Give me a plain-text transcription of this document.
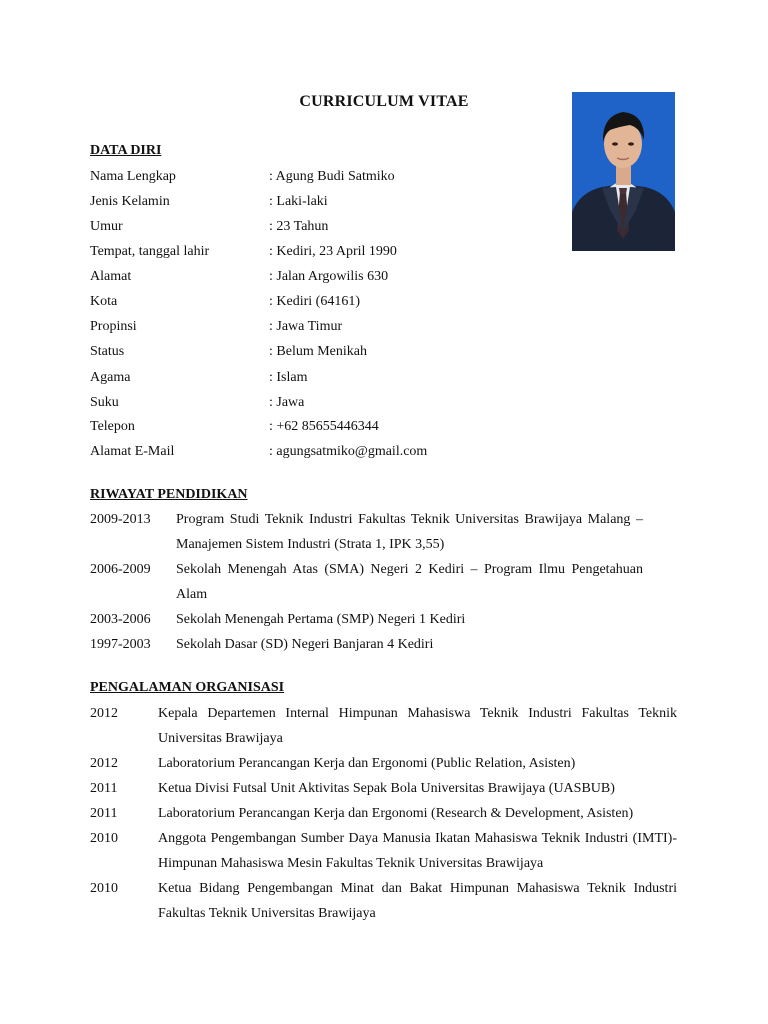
CURRICULUM VITAE
DATA DIRI
Nama Lengkap	: Agung Budi Satmiko
Jenis Kelamin	: Laki-laki
Umur	: 23 Tahun
Tempat, tanggal lahir	: Kediri, 23 April 1990
Alamat	: Jalan Argowilis 630
Kota	: Kediri (64161)
Propinsi	: Jawa Timur
Status	: Belum Menikah
Agama	: Islam
Suku	: Jawa
Telepon	: +62 85655446344
Alamat E-Mail	: agungsatmiko@gmail.com
RIWAYAT PENDIDIKAN
2009-2013 Program Studi Teknik Industri Fakultas Teknik Universitas Brawijaya Malang – Manajemen Sistem Industri (Strata 1, IPK 3,55)
2006-2009 Sekolah Menengah Atas (SMA) Negeri 2 Kediri – Program Ilmu Pengetahuan Alam
2003-2006 Sekolah Menengah Pertama (SMP) Negeri 1 Kediri
1997-2003 Sekolah Dasar (SD) Negeri Banjaran 4 Kediri
PENGALAMAN ORGANISASI
2012	Kepala Departemen Internal Himpunan Mahasiswa Teknik Industri Fakultas Teknik Universitas Brawijaya
2012	Laboratorium Perancangan Kerja dan Ergonomi (Public Relation, Asisten)
2011	Ketua Divisi Futsal Unit Aktivitas Sepak Bola Universitas Brawijaya (UASBUB)
2011	Laboratorium Perancangan Kerja dan Ergonomi (Research & Development, Asisten)
2010	Anggota Pengembangan Sumber Daya Manusia Ikatan Mahasiswa Teknik Industri (IMTI)-Himpunan Mahasiswa Mesin Fakultas Teknik Universitas Brawijaya
2010	Ketua Bidang Pengembangan Minat dan Bakat Himpunan Mahasiswa Teknik Industri Fakultas Teknik Universitas Brawijaya
